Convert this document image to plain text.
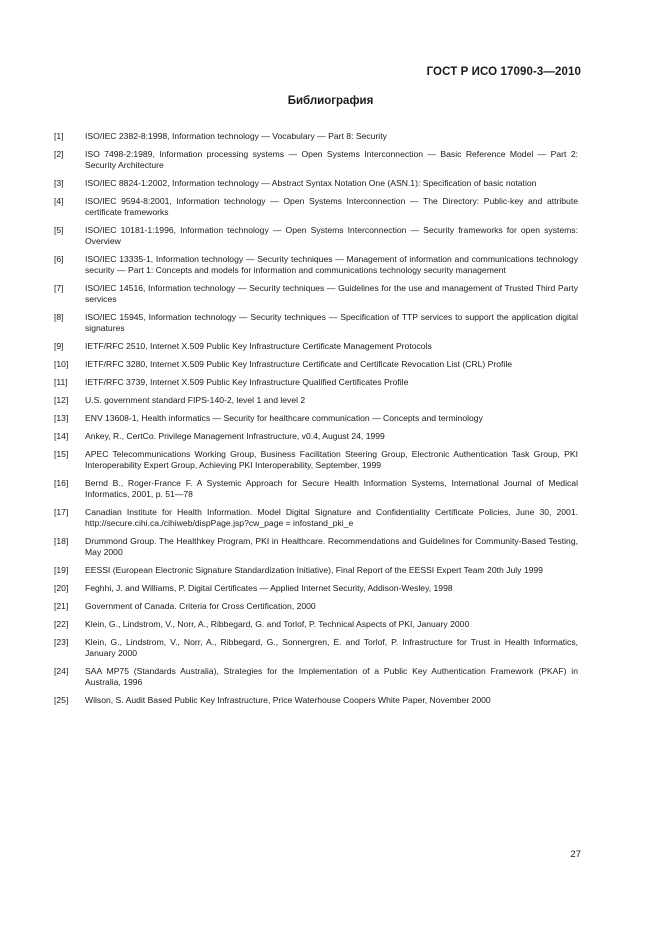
ГОСТ Р ИСО 17090-3—2010

Библиография
[1]	ISO/IEC 2382-8:1998, Information technology — Vocabulary — Part 8: Security
[2]	ISO 7498-2:1989, Information processing systems — Open Systems Interconnection — Basic Reference Model — Part 2: Security Architecture
[3]	ISO/IEC 8824-1:2002, Information technology — Abstract Syntax Notation One (ASN.1): Specification of basic notation
[4]	ISO/IEC 9594-8:2001, Information technology — Open Systems Interconnection — The Directory: Public-key and attribute certificate frameworks
[5]	ISO/IEC 10181-1:1996, Information technology — Open Systems Interconnection — Security frameworks for open systems: Overview
[6]	ISO/IEC 13335-1, Information technology — Security techniques — Management of information and communications technology security — Part 1: Concepts and models for information and communications technology security management
[7]	ISO/IEC 14516, Information technology — Security techniques — Guidelines for the use and management of Trusted Third Party services
[8]	ISO/IEC 15945, Information technology — Security techniques — Specification of TTP services to support the application digital signatures
[9]	IETF/RFC 2510, Internet X.509 Public Key Infrastructure Certificate Management Protocols
[10]	IETF/RFC 3280, Internet X.509 Public Key Infrastructure Certificate and Certificate Revocation List (CRL) Profile
[11]	IETF/RFC 3739, Internet X.509 Public Key Infrastructure Qualified Certificates Profile
[12]	U.S. government standard FIPS-140-2, level 1 and level 2
[13]	ENV 13608-1, Health informatics — Security for healthcare communication — Concepts and terminology
[14]	Ankey, R., CertCo. Privilege Management Infrastructure, v0.4, August 24, 1999
[15]	APEC Telecommunications Working Group, Business Facilitation Steering Group, Electronic Authentication Task Group, PKI Interoperability Expert Group, Achieving PKI Interoperability, September, 1999
[16]	Bernd B., Roger-France F. A Systemic Approach for Secure Health Information Systems, International Journal of Medical Informatics, 2001, p. 51—78
[17]	Canadian Institute for Health Information. Model Digital Signature and Confidentiality Certificate Policies, June 30, 2001. http://secure.cihi.ca./cihiweb/dispPage.jsp?cw_page = infostand_pki_e
[18]	Drummond Group. The Healthkey Program, PKI in Healthcare. Recommendations and Guidelines for Community-Based Testing, May 2000
[19]	EESSI (European Electronic Signature Standardization Initiative), Final Report of the EESSI Expert Team 20th July 1999
[20]	Feghhi, J. and Williams, P. Digital Certificates — Applied Internet Security, Addison-Wesley, 1998
[21]	Government of Canada. Criteria for Cross Certification, 2000
[22]	Klein, G., Lindstrom, V., Norr, A., Ribbegard, G. and Torlof, P. Technical Aspects of PKI, January 2000
[23]	Klein, G., Lindstrom, V., Norr, A., Ribbegard, G., Sonnergren, E. and Torlof, P. Infrastructure for Trust in Health Informatics, January 2000
[24]	SAA MP75 (Standards Australia), Strategies for the Implementation of a Public Key Authentication Framework (PKAF) in Australia, 1996
[25]	Wilson, S. Audit Based Public Key Infrastructure, Price Waterhouse Coopers White Paper, November 2000

27
